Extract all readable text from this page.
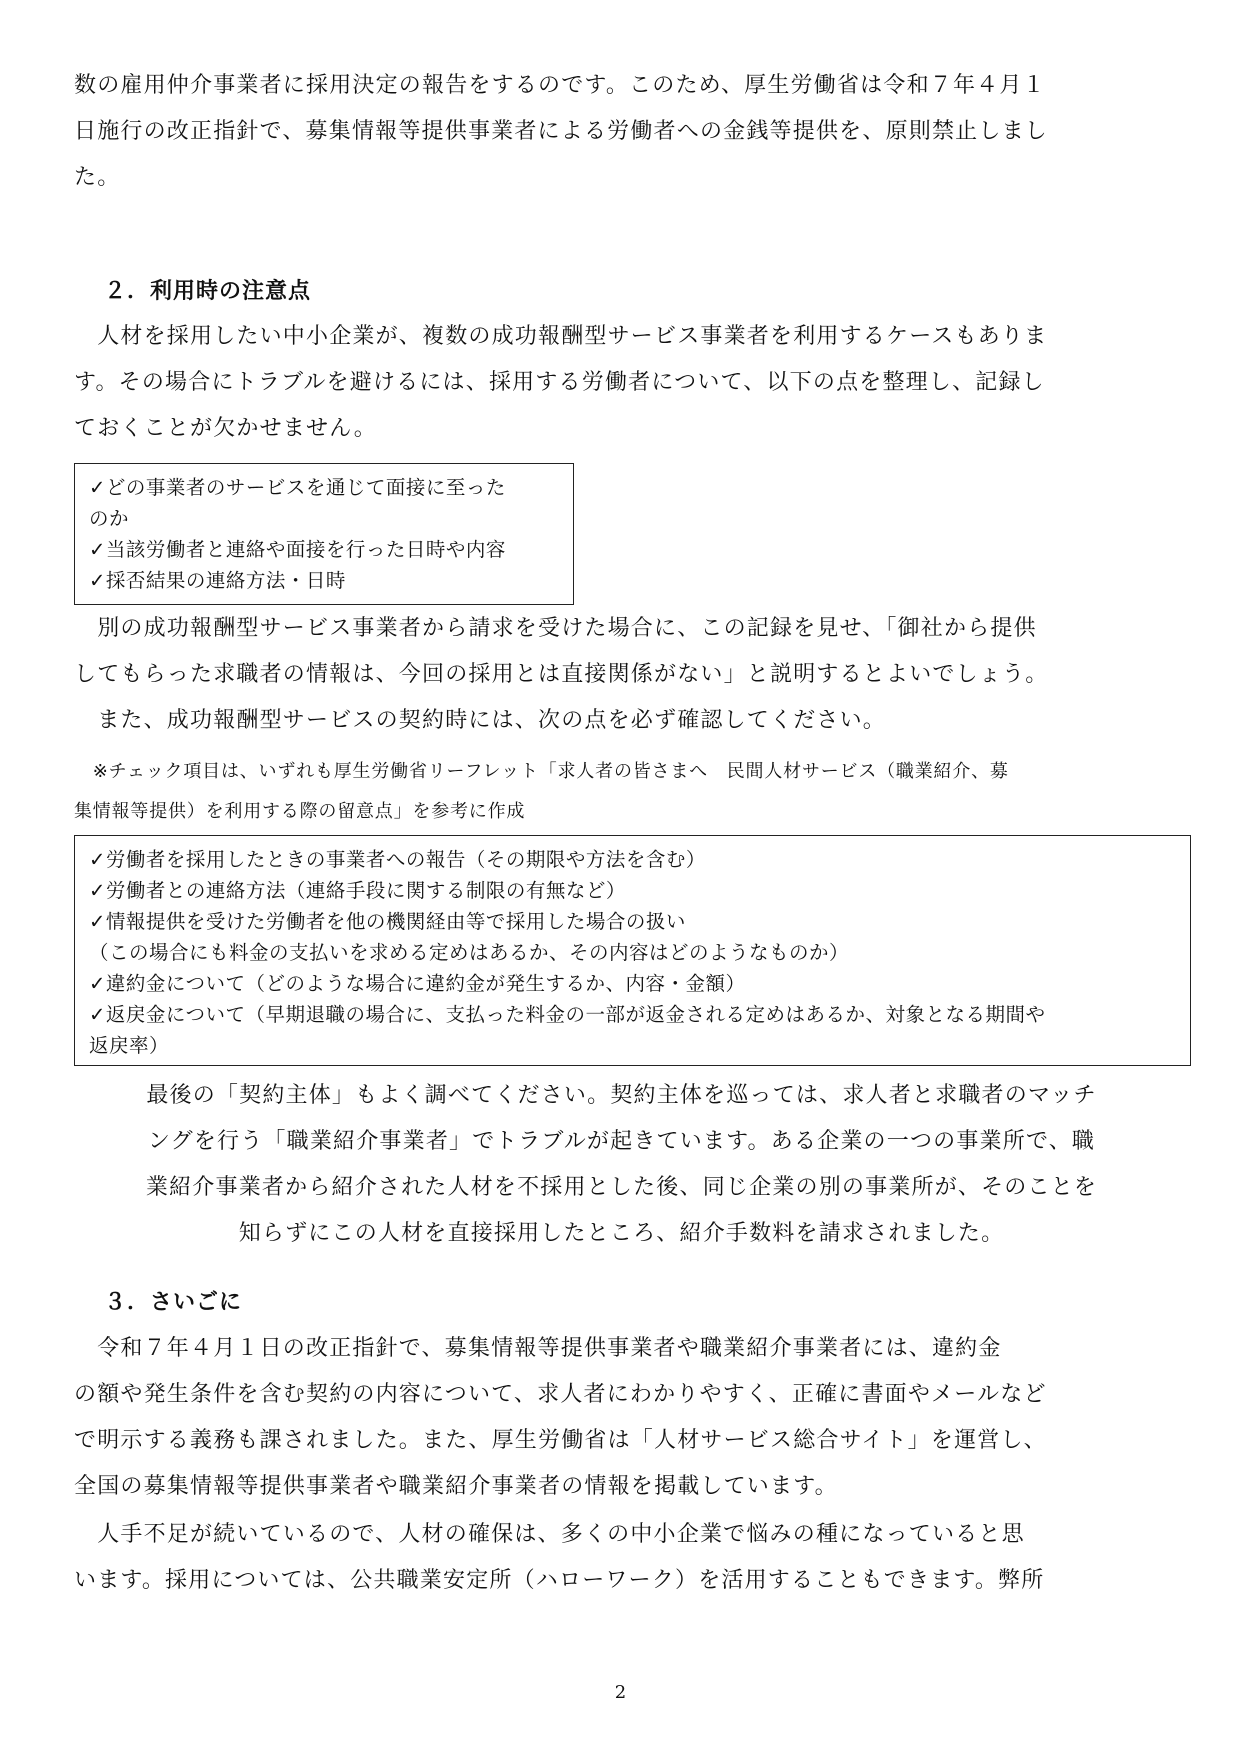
数の雇用仲介事業者に採用決定の報告をするのです。このため、厚生労働省は令和７年４月１
日施行の改正指針で、募集情報等提供事業者による労働者への金銭等提供を、原則禁止しまし
た。
２．利用時の注意点
　人材を採用したい中小企業が、複数の成功報酬型サービス事業者を利用するケースもありま
す。その場合にトラブルを避けるには、採用する労働者について、以下の点を整理し、記録し
ておくことが欠かせません。
✓どの事業者のサービスを通じて面接に至った
のか
✓当該労働者と連絡や面接を行った日時や内容
✓採否結果の連絡方法・日時
　別の成功報酬型サービス事業者から請求を受けた場合に、この記録を見せ、「御社から提供
してもらった求職者の情報は、今回の採用とは直接関係がない」と説明するとよいでしょう。
　また、成功報酬型サービスの契約時には、次の点を必ず確認してください。
　※チェック項目は、いずれも厚生労働省リーフレット「求人者の皆さまへ　民間人材サービス（職業紹介、募
集情報等提供）を利用する際の留意点」を参考に作成
✓労働者を採用したときの事業者への報告（その期限や方法を含む）
✓労働者との連絡方法（連絡手段に関する制限の有無など）
✓情報提供を受けた労働者を他の機関経由等で採用した場合の扱い
（この場合にも料金の支払いを求める定めはあるか、その内容はどのようなものか）
✓違約金について（どのような場合に違約金が発生するか、内容・金額）
✓返戻金について（早期退職の場合に、支払った料金の一部が返金される定めはあるか、対象となる期間や
返戻率）
最後の「契約主体」もよく調べてください。契約主体を巡っては、求人者と求職者のマッチ
ングを行う「職業紹介事業者」でトラブルが起きています。ある企業の一つの事業所で、職
業紹介事業者から紹介された人材を不採用とした後、同じ企業の別の事業所が、そのことを
知らずにこの人材を直接採用したところ、紹介手数料を請求されました。
３．さいごに
　令和７年４月１日の改正指針で、募集情報等提供事業者や職業紹介事業者には、違約金
の額や発生条件を含む契約の内容について、求人者にわかりやすく、正確に書面やメールなど
で明示する義務も課されました。また、厚生労働省は「人材サービス総合サイト」を運営し、
全国の募集情報等提供事業者や職業紹介事業者の情報を掲載しています。
　人手不足が続いているので、人材の確保は、多くの中小企業で悩みの種になっていると思
います。採用については、公共職業安定所（ハローワーク）を活用することもできます。弊所
2
